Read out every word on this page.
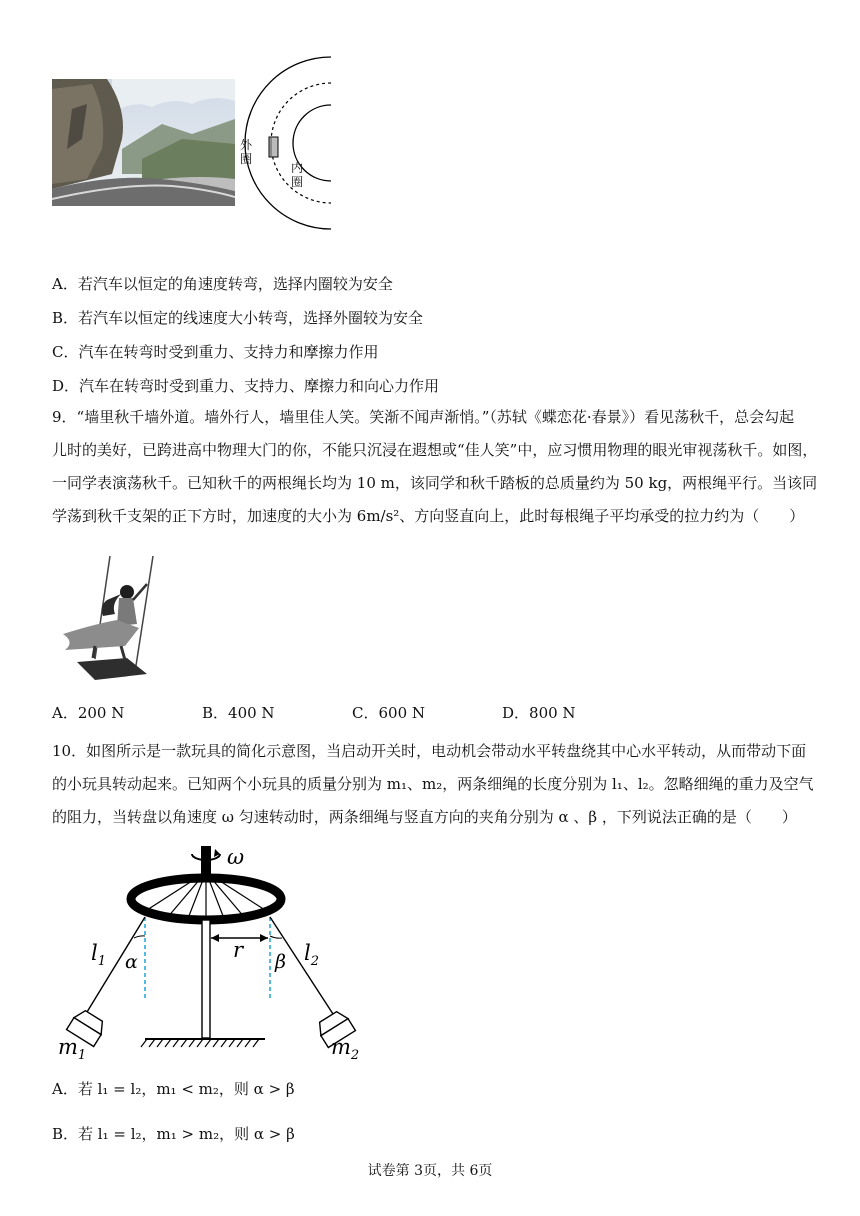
外圈
内圈
A．若汽车以恒定的角速度转弯，选择内圈较为安全
B．若汽车以恒定的线速度大小转弯，选择外圈较为安全
C．汽车在转弯时受到重力、支持力和摩擦力作用
D．汽车在转弯时受到重力、支持力、摩擦力和向心力作用
9．“墙里秋千墙外道。墙外行人，墙里佳人笑。笑渐不闻声渐悄。”（苏轼《蝶恋花·春景》）看见荡秋千，总会勾起
儿时的美好，已跨进高中物理大门的你，不能只沉浸在遐想或“佳人笑”中，应习惯用物理的眼光审视荡秋千。如图，
一同学表演荡秋千。已知秋千的两根绳长均为 10 m，该同学和秋千踏板的总质量约为 50 kg，两根绳平行。当该同
学荡到秋千支架的正下方时，加速度的大小为 6m/s²、方向竖直向上，此时每根绳子平均承受的拉力约为（　　）
A．200 N	B．400 N	C．600 N	D．800 N
10．如图所示是一款玩具的简化示意图，当启动开关时，电动机会带动水平转盘绕其中心水平转动，从而带动下面
的小玩具转动起来。已知两个小玩具的质量分别为 m₁、m₂，两条细绳的长度分别为 l₁、l₂。忽略细绳的重力及空气
的阻力，当转盘以角速度 ω 匀速转动时，两条细绳与竖直方向的夹角分别为 α 、β ，下列说法正确的是（　　）
ω
r
α
$l_1$
$m_1$
β $l_2$
$m_2$
A．若 l₁ = l₂，m₁ < m₂，则 α > β
B．若 l₁ = l₂，m₁ > m₂，则 α > β
试卷第 3页，共 6页
